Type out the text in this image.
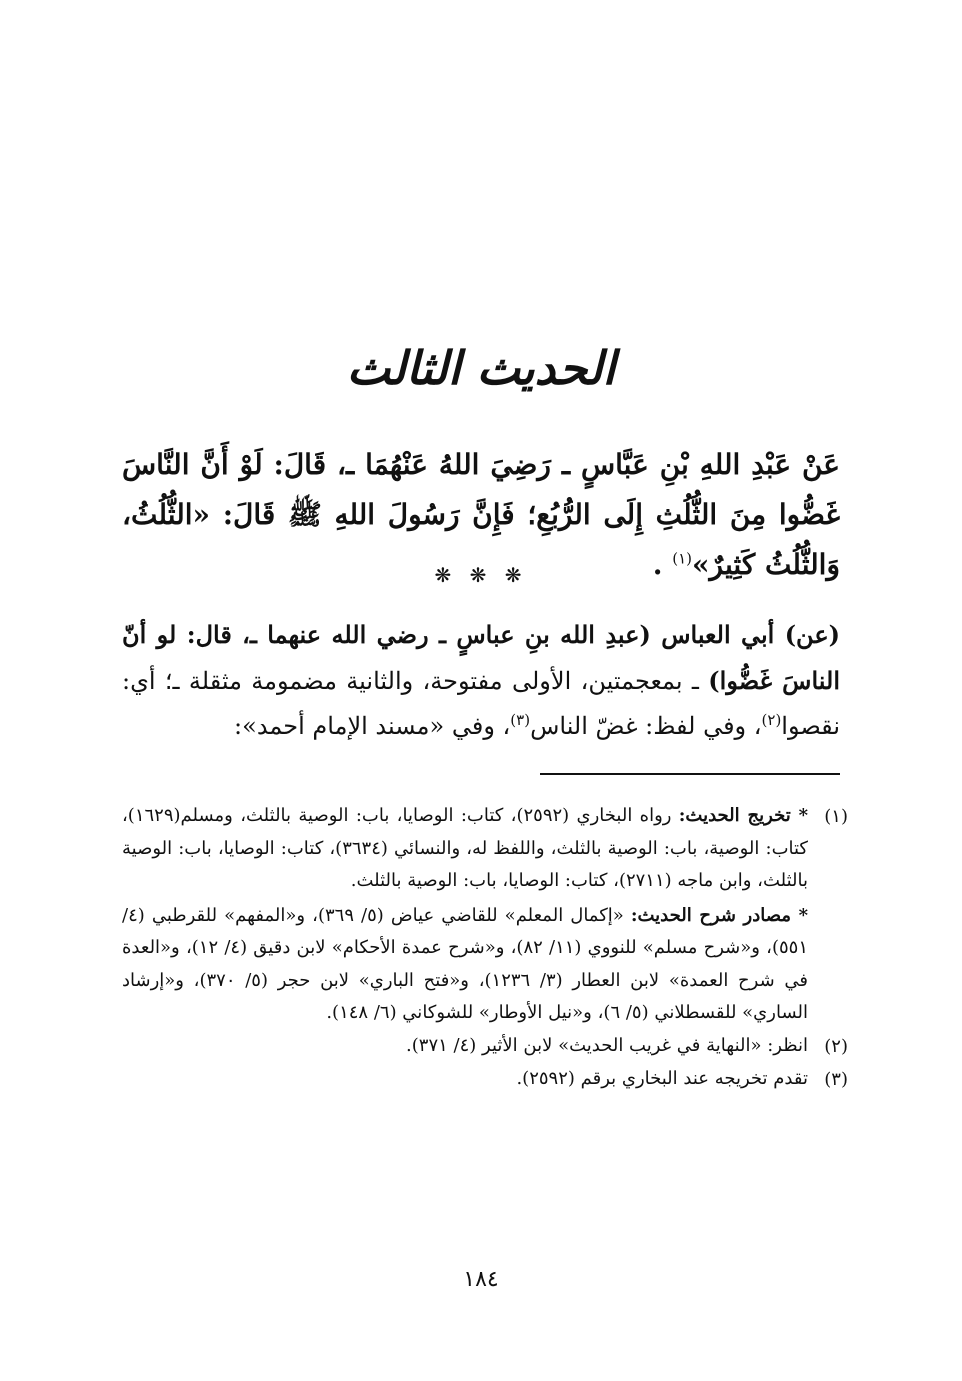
الحديث الثالث
عَنْ عَبْدِ اللهِ بْنِ عَبَّاسٍ ـ رَضِيَ اللهُ عَنْهُمَا ـ، قَالَ: لَوْ أَنَّ النَّاسَ غَضُّوا مِنَ الثُّلُثِ إِلَى الرُّبُعِ؛ فَإِنَّ رَسُولَ اللهِ ﷺ قَالَ: «الثُّلُثُ، وَالثُّلُثُ كَثِيرٌ»$^{(١)}$ .
❋ ❋ ❋
(عن) أبي العباس (عبدِ الله بنِ عباسٍ ـ رضي الله عنهما ـ، قال: لو أنّ الناسَ غَضُّوا) ـ بمعجمتين، الأولى مفتوحة، والثانية مضمومة مثقلة ـ؛ أي: نقصوا$^{(٢)}$، وفي لفظ: غضّ الناس$^{(٣)}$، وفي «مسند الإمام أحمد»:
(١)
* تخريج الحديث: رواه البخاري (٢٥٩٢)، كتاب: الوصايا، باب: الوصية بالثلث، ومسلم(١٦٢٩)، كتاب: الوصية، باب: الوصية بالثلث، واللفظ له، والنسائي (٣٦٣٤)، كتاب: الوصايا، باب: الوصية بالثلث، وابن ماجه (٢٧١١)، كتاب: الوصايا، باب: الوصية بالثلث.
* مصادر شرح الحديث: «إكمال المعلم» للقاضي عياض (٥/ ٣٦٩)، و«المفهم» للقرطبي (٤/ ٥٥١)، و«شرح مسلم» للنووي (١١/ ٨٢)، و«شرح عمدة الأحكام» لابن دقيق (٤/ ١٢)، و«العدة في شرح العمدة» لابن العطار (٣/ ١٢٣٦)، و«فتح الباري» لابن حجر (٥/ ٣٧٠)، و«إرشاد الساري» للقسطلاني (٥/ ٦)، و«نيل الأوطار» للشوكاني (٦/ ١٤٨).
(٢)
انظر: «النهاية في غريب الحديث» لابن الأثير (٤/ ٣٧١).
(٣)
تقدم تخريجه عند البخاري برقم (٢٥٩٢).
١٨٤
